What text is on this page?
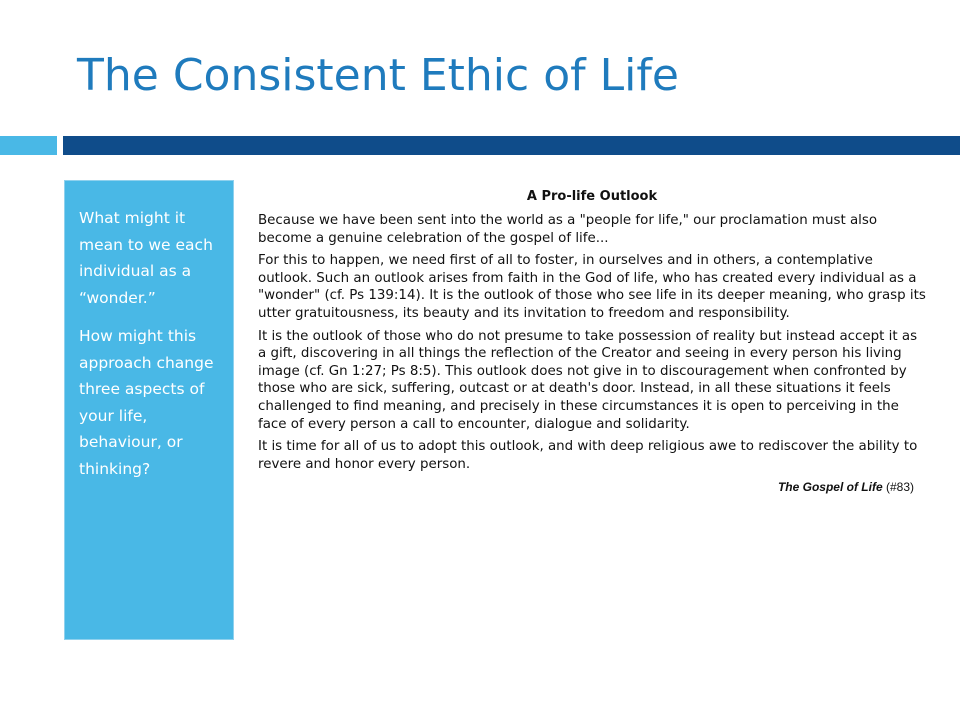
The Consistent Ethic of Life

What might it mean to we each individual as a “wonder.”

How might this approach change three aspects of your life, behaviour, or thinking?

A Pro-life Outlook

Because we have been sent into the world as a "people for life," our proclamation must also become a genuine celebration of the gospel of life...

For this to happen, we need first of all to foster, in ourselves and in others, a contemplative outlook. Such an outlook arises from faith in the God of life, who has created every individual as a "wonder" (cf. Ps 139:14). It is the outlook of those who see life in its deeper meaning, who grasp its utter gratuitousness, its beauty and its invitation to freedom and responsibility.

It is the outlook of those who do not presume to take possession of reality but instead accept it as a gift, discovering in all things the reflection of the Creator and seeing in every person his living image (cf. Gn 1:27; Ps 8:5). This outlook does not give in to discouragement when confronted by those who are sick, suffering, outcast or at death's door. Instead, in all these situations it feels challenged to find meaning, and precisely in these circumstances it is open to perceiving in the face of every person a call to encounter, dialogue and solidarity.

It is time for all of us to adopt this outlook, and with deep religious awe to rediscover the ability to revere and honor every person.

The Gospel of Life (#83)
